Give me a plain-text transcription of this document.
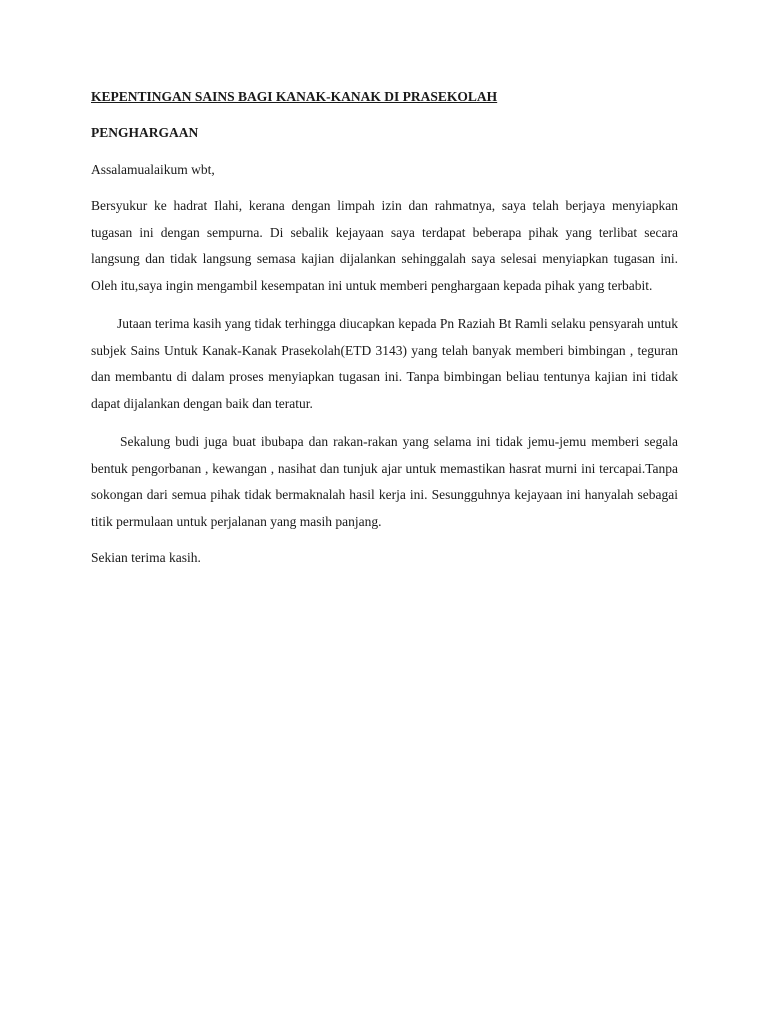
KEPENTINGAN SAINS BAGI KANAK-KANAK DI PRASEKOLAH

PENGHARGAAN

Assalamualaikum wbt,

Bersyukur ke hadrat Ilahi, kerana dengan limpah izin dan rahmatnya, saya telah berjaya menyiapkan tugasan ini dengan sempurna. Di sebalik kejayaan saya terdapat beberapa pihak yang terlibat secara langsung dan tidak langsung semasa kajian dijalankan sehinggalah saya selesai menyiapkan tugasan ini. Oleh itu,saya ingin mengambil kesempatan ini untuk memberi penghargaan kepada pihak yang terbabit.

Jutaan terima kasih yang tidak terhingga diucapkan kepada Pn Raziah Bt Ramli selaku pensyarah untuk subjek Sains Untuk Kanak-Kanak Prasekolah(ETD 3143) yang telah banyak memberi bimbingan , teguran dan membantu di dalam proses menyiapkan tugasan ini. Tanpa bimbingan beliau tentunya kajian ini tidak dapat dijalankan dengan baik dan teratur.

Sekalung budi juga buat ibubapa dan rakan-rakan yang selama ini tidak jemu-jemu memberi segala bentuk pengorbanan , kewangan , nasihat dan tunjuk ajar untuk memastikan hasrat murni ini tercapai.Tanpa sokongan dari semua pihak tidak bermaknalah hasil kerja ini. Sesungguhnya kejayaan ini hanyalah sebagai titik permulaan untuk perjalanan yang masih panjang.

Sekian terima kasih.
